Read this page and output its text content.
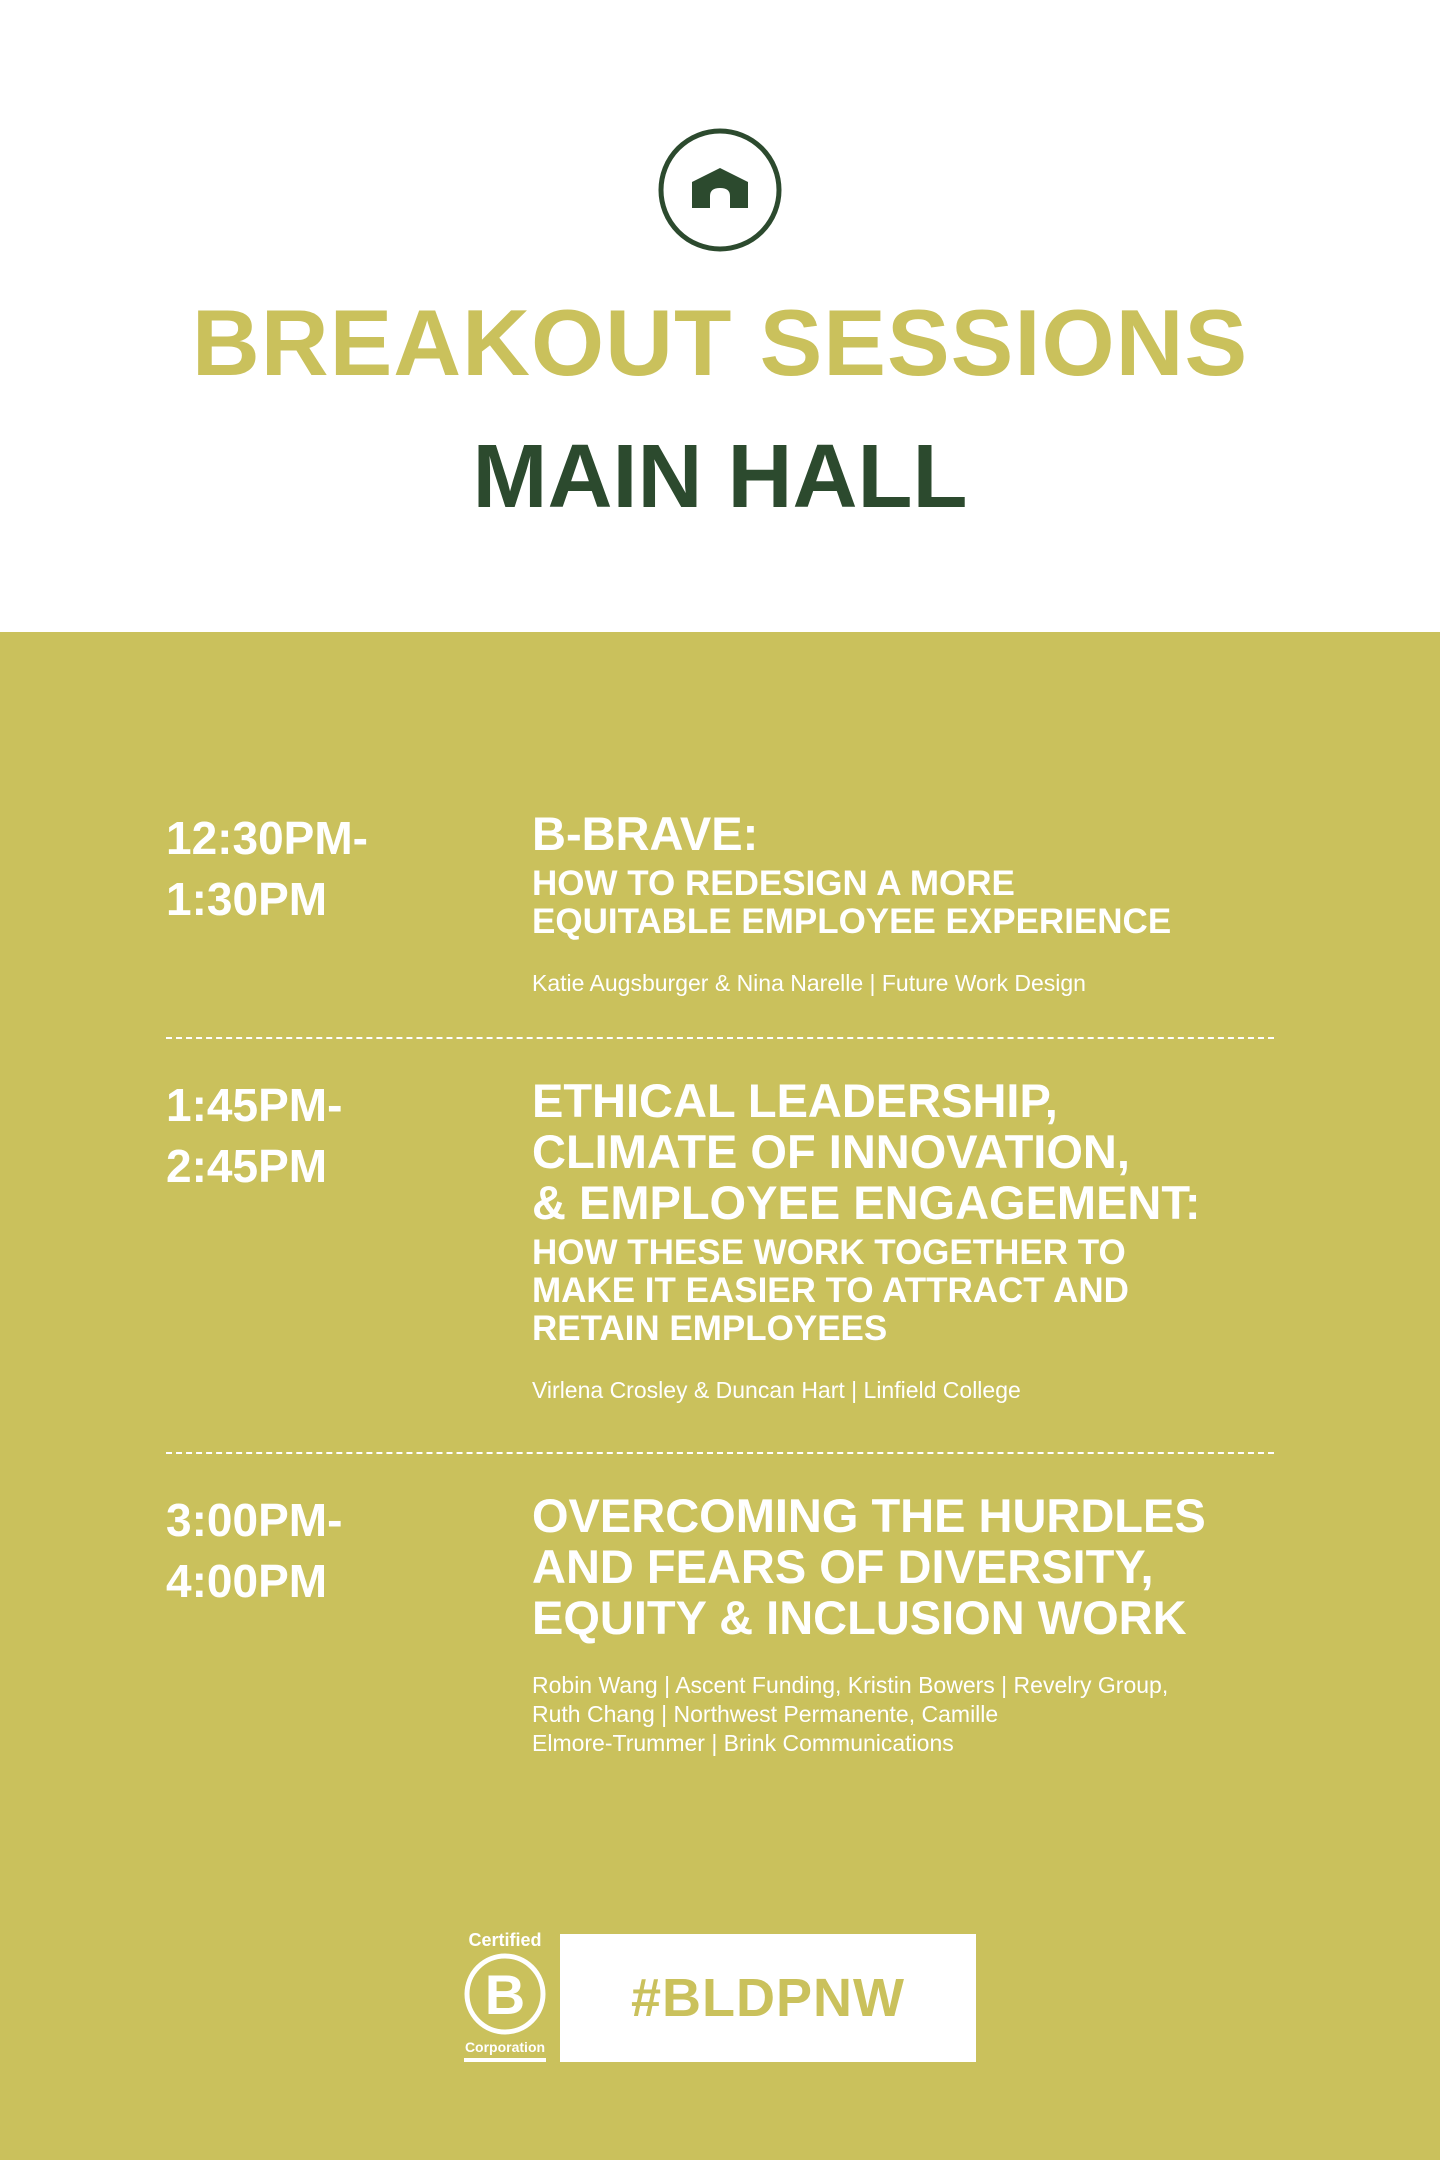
BREAKOUT SESSIONS
MAIN HALL
12:30PM-
1:30PM
B-BRAVE:
HOW TO REDESIGN A MORE
EQUITABLE EMPLOYEE EXPERIENCE
Katie Augsburger & Nina Narelle | Future Work Design
1:45PM-
2:45PM
ETHICAL LEADERSHIP,
CLIMATE OF INNOVATION,
& EMPLOYEE ENGAGEMENT:
HOW THESE WORK TOGETHER TO
MAKE IT EASIER TO ATTRACT AND
RETAIN EMPLOYEES
Virlena Crosley & Duncan Hart | Linfield College
3:00PM-
4:00PM
OVERCOMING THE HURDLES
AND FEARS OF DIVERSITY,
EQUITY & INCLUSION WORK
Robin Wang | Ascent Funding, Kristin Bowers | Revelry Group,
Ruth Chang | Northwest Permanente, Camille
Elmore-Trummer | Brink Communications
Certified
B
Corporation
#BLDPNW
